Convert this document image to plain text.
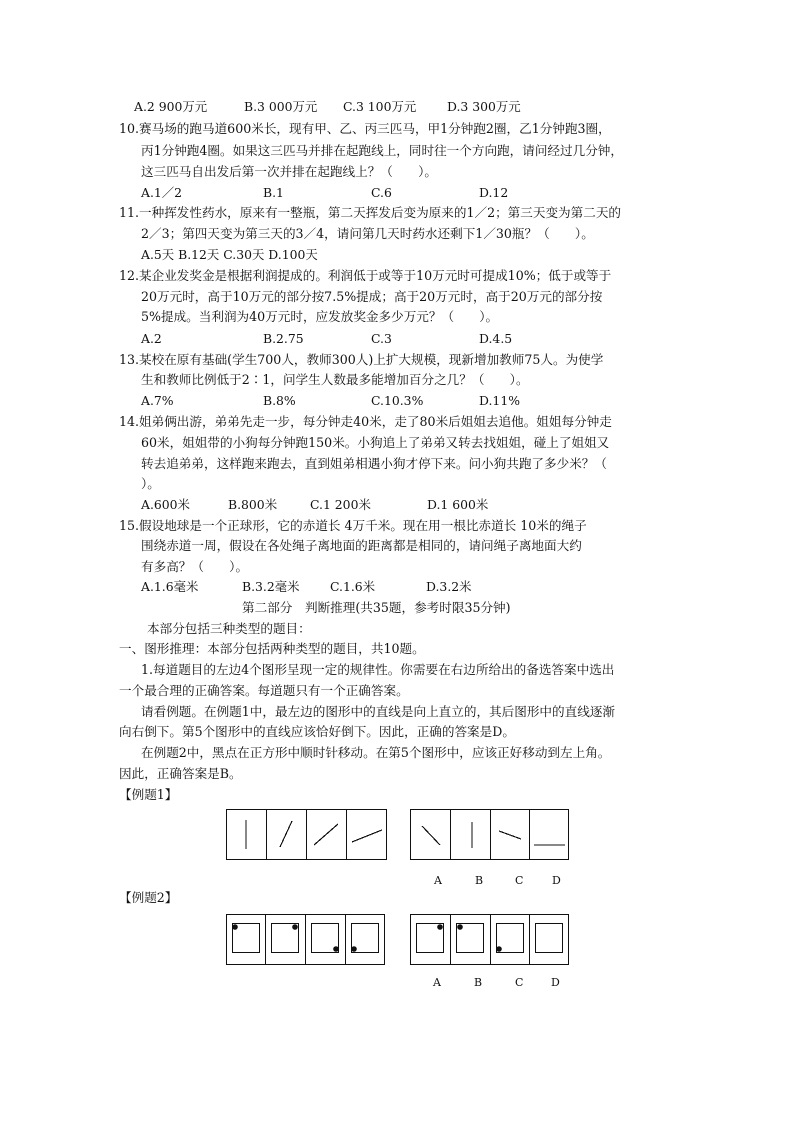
A.2 900万元	B.3 000万元 C.3 100万元 D.3 300万元
10.赛马场的跑马道600米长，现有甲、乙、丙三匹马，甲1分钟跑2圈，乙1分钟跑3圈，
丙1分钟跑4圈。如果这三匹马并排在起跑线上，同时往一个方向跑，请问经过几分钟，
这三匹马自出发后第一次并排在起跑线上？（　　）。
A.1／2	B.1	C.6	D.12
11.一种挥发性药水，原来有一整瓶，第二天挥发后变为原来的1／2；第三天变为第二天的
2／3；第四天变为第三天的3／4，请问第几天时药水还剩下1／30瓶？（　　）。
A.5天 B.12天 C.30天 D.100天
12.某企业发奖金是根据利润提成的。利润低于或等于10万元时可提成10%；低于或等于
20万元时，高于10万元的部分按7.5%提成；高于20万元时，高于20万元的部分按
5%提成。当利润为40万元时，应发放奖金多少万元？（　　）。
A.2	B.2.75	C.3	D.4.5
13.某校在原有基础(学生700人，教师300人)上扩大规模，现新增加教师75人。为使学
生和教师比例低于2∶1，问学生人数最多能增加百分之几？（　　）。
A.7%	B.8%	C.10.3%	D.11%
14.姐弟俩出游，弟弟先走一步，每分钟走40米，走了80米后姐姐去追他。姐姐每分钟走
60米，姐姐带的小狗每分钟跑150米。小狗追上了弟弟又转去找姐姐，碰上了姐姐又
转去追弟弟，这样跑来跑去，直到姐弟相遇小狗才停下来。问小狗共跑了多少米？（
）。
A.600米	B.800米	C.1 200米	D.1 600米
15.假设地球是一个正球形，它的赤道长 4万千米。现在用一根比赤道长 10米的绳子
围绕赤道一周，假设在各处绳子离地面的距离都是相同的，请问绳子离地面大约
有多高？（　　）。
A.1.6毫米	B.3.2毫米 C.1.6米	D.3.2米
第二部分　判断推理(共35题，参考时限35分钟)
本部分包括三种类型的题目：
一、图形推理：本部分包括两种类型的题目，共10题。
1.每道题目的左边4个图形呈现一定的规律性。你需要在右边所给出的备选答案中选出
一个最合理的正确答案。每道题只有一个正确答案。
请看例题。在例题1中，最左边的图形中的直线是向上直立的，其后图形中的直线逐渐
向右倒下。第5个图形中的直线应该恰好倒下。因此，正确的答案是D。
在例题2中，黑点在正方形中顺时针移动。在第5个图形中，应该正好移动到左上角。
因此，正确答案是B。
【例题1】
A	B	C	D
【例题2】
A	B	C	D
